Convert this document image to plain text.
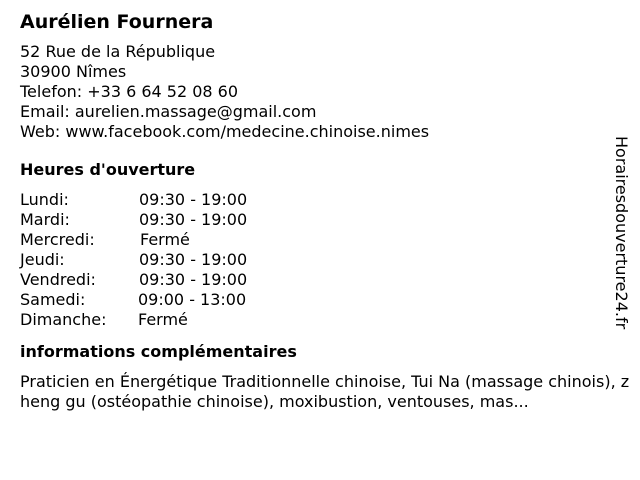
Aurélien Fournera
52 Rue de la République
30900 Nîmes
Telefon: +33 6 64 52 08 60
Email: aurelien.massage@gmail.com
Web: www.facebook.com/medecine.chinoise.nimes
Heures d'ouverture
Lundi:	09:30 - 19:00
Mardi:	09:30 - 19:00
Mercredi:	Fermé
Jeudi:	09:30 - 19:00
Vendredi:	09:30 - 19:00
Samedi:	09:00 - 13:00
Dimanche:	Fermé
informations complémentaires
Praticien en Énergétique Traditionnelle chinoise, Tui Na (massage chinois), zheng gu (ostéopathie chinoise), moxibustion, ventouses, mas...
Horairesdouverture24.fr
